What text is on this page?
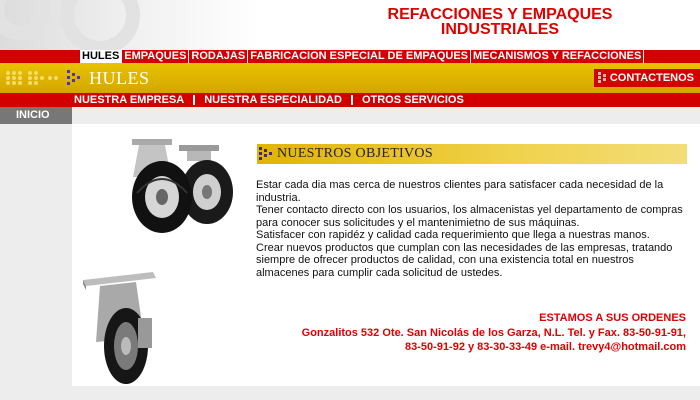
REFACCIONES Y EMPAQUES
INDUSTRIALES
HULES EMPAQUES RODAJAS FABRICACION ESPECIAL DE EMPAQUES MECANISMOS Y REFACCIONES
HULES	CONTACTENOS
NUESTRA EMPRESA	NUESTRA ESPECIALIDAD	OTROS SERVICIOS
INICIO
NUESTROS OBJETIVOS

Estar cada dia mas cerca de nuestros clientes para satisfacer cada necesidad de la industria.

Tener contacto directo con los usuarios, los almacenistas yel departamento de compras para conocer sus solicitudes y el mantenimietno de sus máquinas.

Satisfacer con rapidéz y calidad cada requerimiento que llega a nuestras manos.

Crear nuevos productos que cumplan con las necesidades de las empresas, tratando siempre de ofrecer productos de calidad, con una existencia total en nuestros almacenes para cumplir cada solicitud de ustedes.

ESTAMOS A SUS ORDENES
Gonzalitos 532 Ote. San Nicolás de los Garza, N.L. Tel. y Fax. 83-50-91-91,
83-50-91-92 y 83-30-33-49 e-mail. trevy4@hotmail.com
